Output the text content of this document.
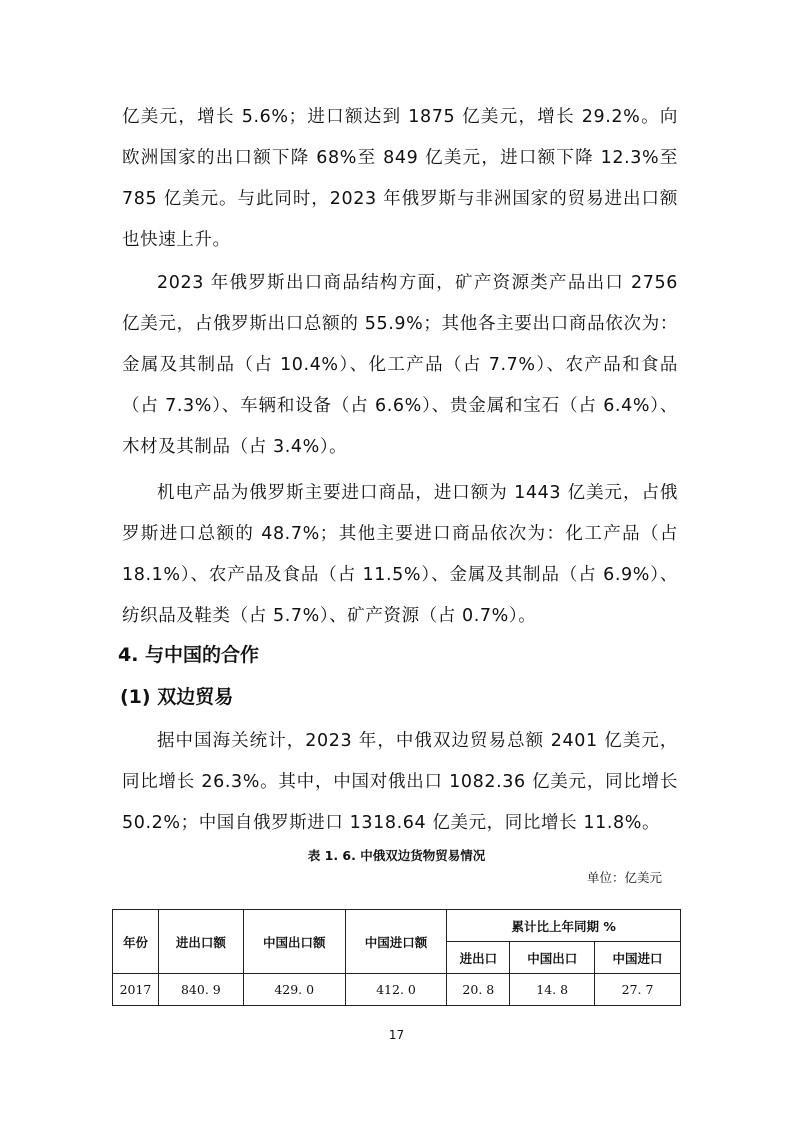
亿美元，增长 5.6%；进口额达到 1875 亿美元，增长 29.2%。向欧洲国家的出口额下降 68%至 849 亿美元，进口额下降 12.3%至 785 亿美元。与此同时，2023 年俄罗斯与非洲国家的贸易进出口额也快速上升。

2023 年俄罗斯出口商品结构方面，矿产资源类产品出口 2756 亿美元，占俄罗斯出口总额的 55.9%；其他各主要出口商品依次为：金属及其制品（占 10.4%）、化工产品（占 7.7%）、农产品和食品（占 7.3%）、车辆和设备（占 6.6%）、贵金属和宝石（占 6.4%）、木材及其制品（占 3.4%）。

机电产品为俄罗斯主要进口商品，进口额为 1443 亿美元，占俄罗斯进口总额的 48.7%；其他主要进口商品依次为：化工产品（占 18.1%）、农产品及食品（占 11.5%）、金属及其制品（占 6.9%）、纺织品及鞋类（占 5.7%）、矿产资源（占 0.7%）。

4. 与中国的合作
(1) 双边贸易

据中国海关统计，2023 年，中俄双边贸易总额 2401 亿美元，同比增长 26.3%。其中，中国对俄出口 1082.36 亿美元，同比增长 50.2%；中国自俄罗斯进口 1318.64 亿美元，同比增长 11.8%。

表 1. 6. 中俄双边货物贸易情况
单位：亿美元
年份	进出口额	中国出口额	中国进口额	累计比上年同期 %		
				进出口	中国出口	中国进口
2017	840. 9	429. 0	412. 0	20. 8	14. 8	27. 7
17
